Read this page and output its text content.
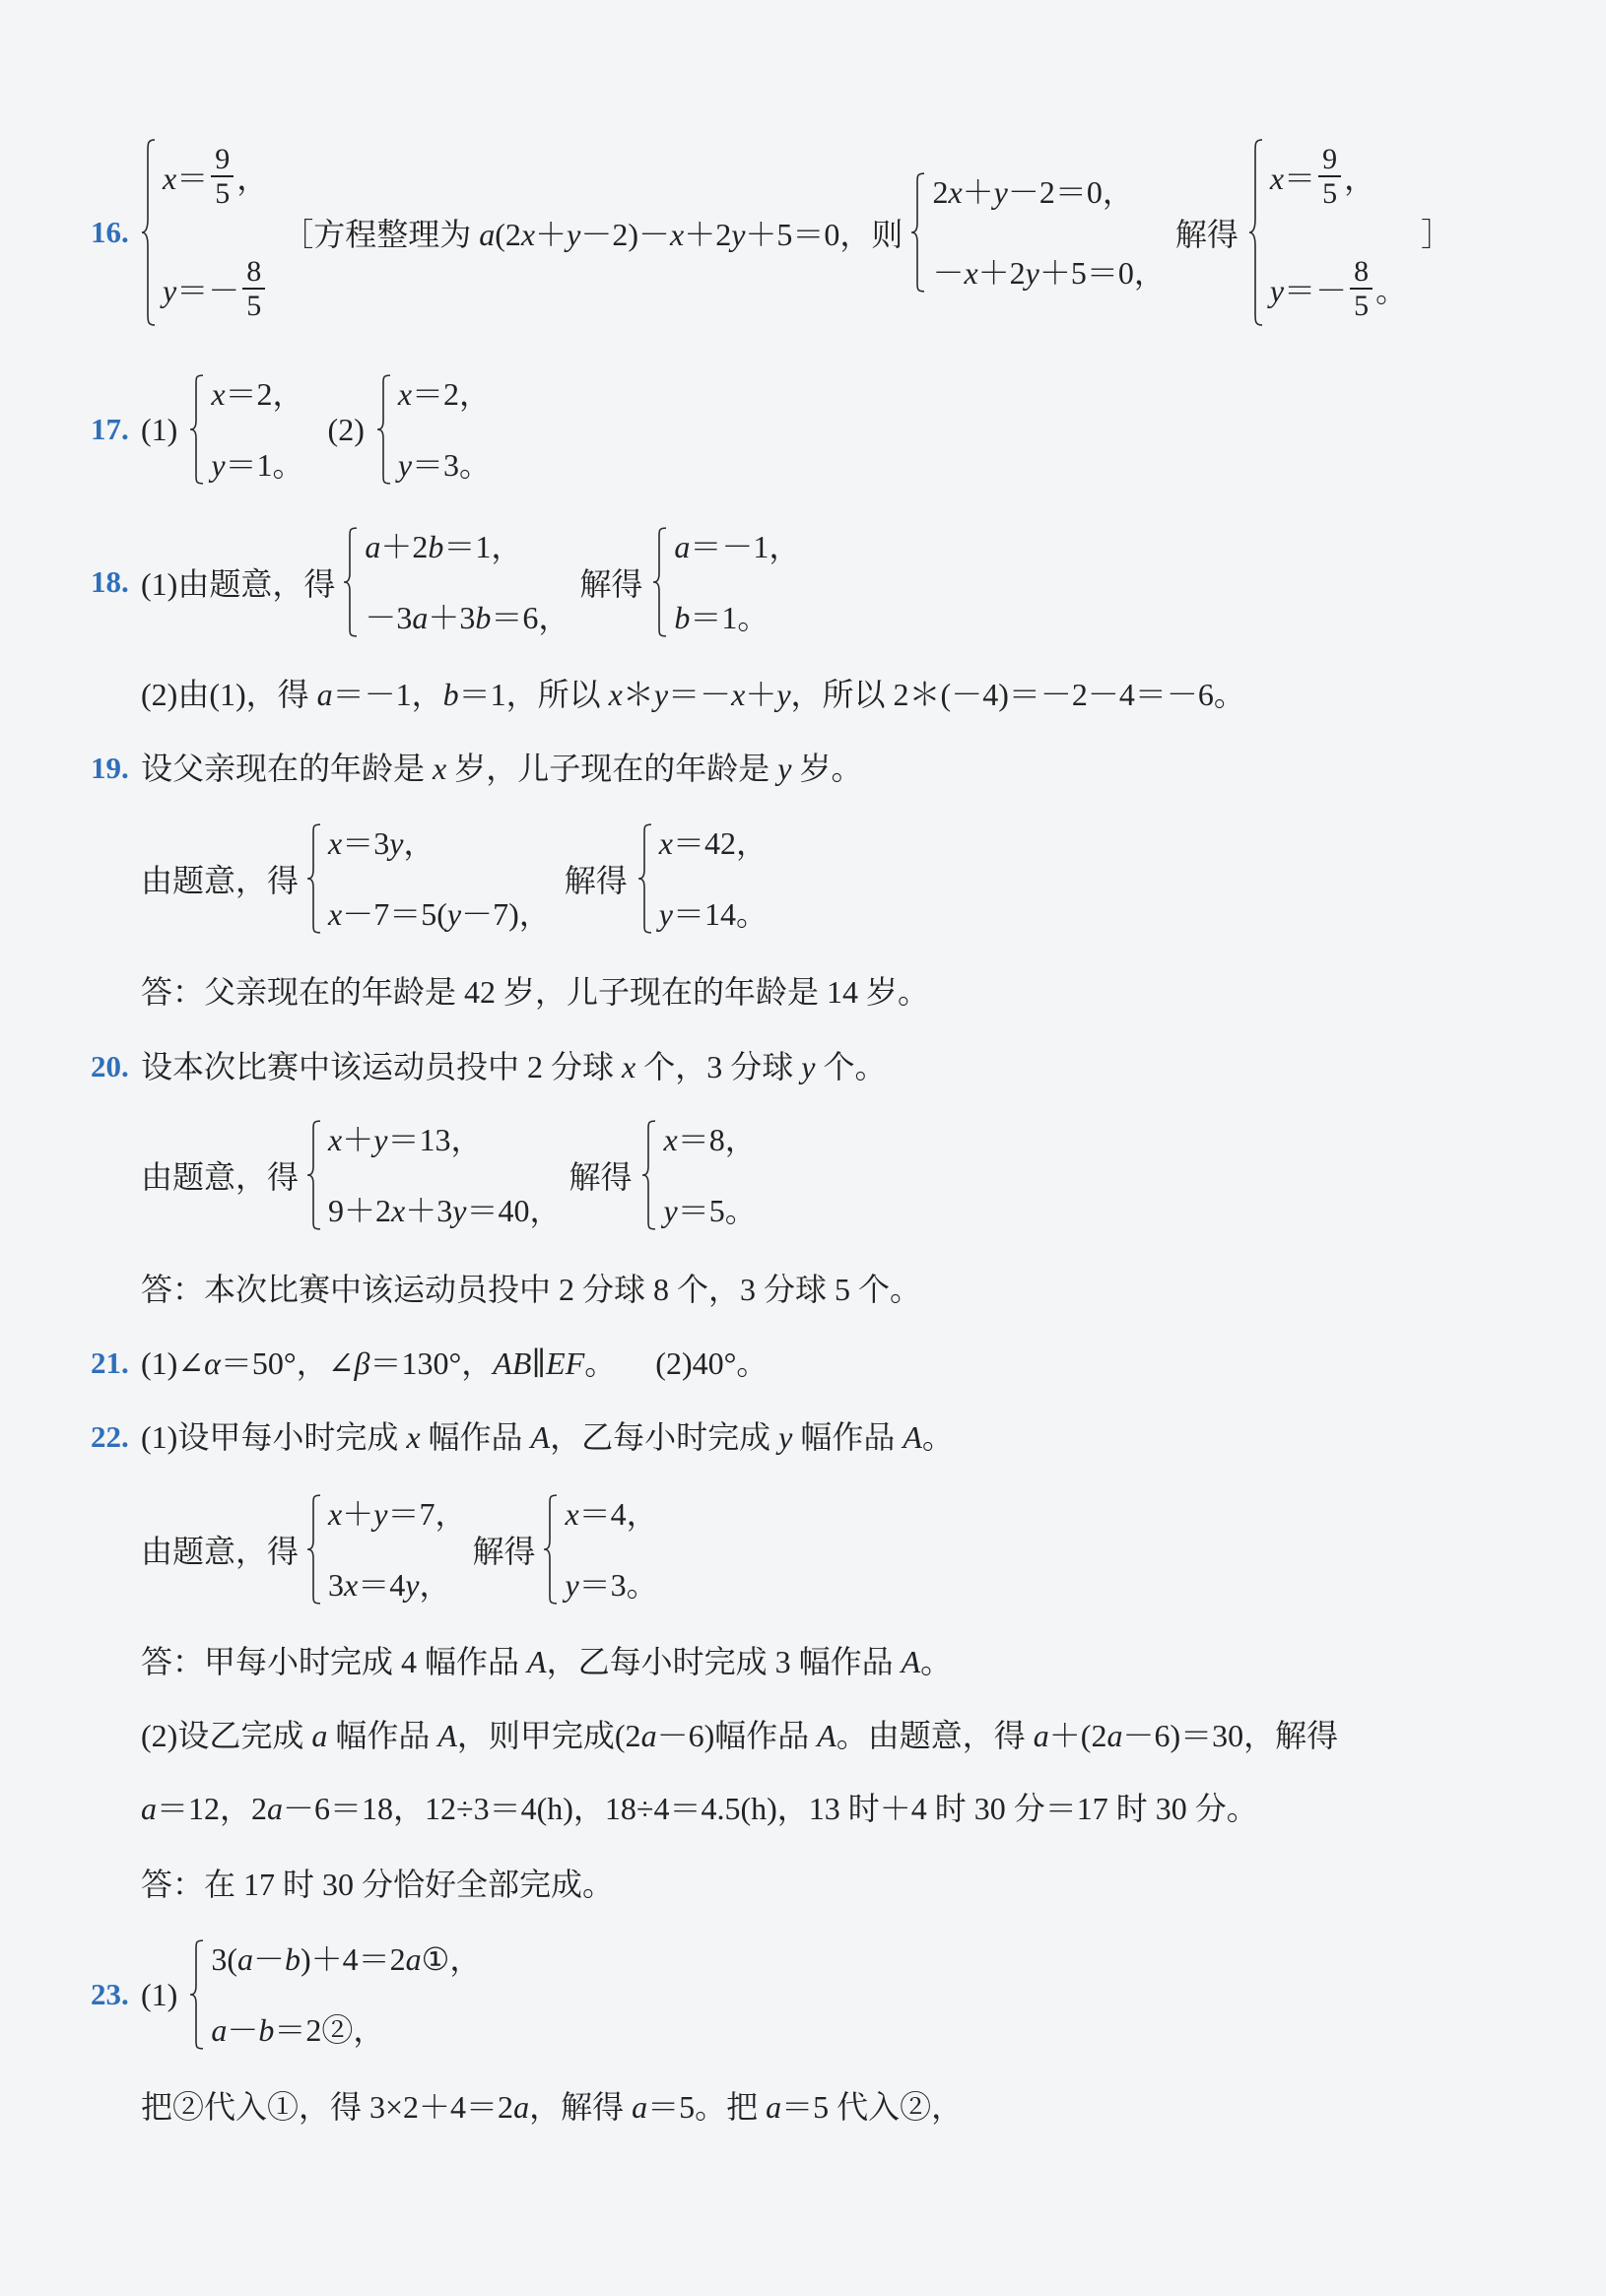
16.
$x= \frac{9}{5}$ ，
$y=- \frac{8}{5}$
［方程整理为 a(2x＋y－2)－x＋2y＋5＝0，则
2x＋y－2＝0，
－x＋2y＋5＝0，
解得
$x= \frac{9}{5}$ ，
$y=- \frac{8}{5}$ 。
］
17. (1)
x＝2，
y＝1。
(2)
x＝2，
y＝3。
18. (1)由题意，得
a＋2b＝1，
－3a＋3b＝6，
解得
a＝－1，
b＝1。
(2)由(1)，得 a＝－1，b＝1，所以 x＊y＝－x＋y，所以 2＊(－4)＝－2－4＝－6。
19. 设父亲现在的年龄是 x 岁，儿子现在的年龄是 y 岁。
由题意，得
x＝3y，
x－7＝5(y－7)，
解得
x＝42，
y＝14。
答：父亲现在的年龄是 42 岁，儿子现在的年龄是 14 岁。
20. 设本次比赛中该运动员投中 2 分球 x 个，3 分球 y 个。
由题意，得
x＋y＝13，
9＋2x＋3y＝40，
解得
x＝8，
y＝5。
答：本次比赛中该运动员投中 2 分球 8 个，3 分球 5 个。
21. (1)∠α＝50°，∠β＝130°，AB∥EF。 (2)40°。
22. (1)设甲每小时完成 x 幅作品 A，乙每小时完成 y 幅作品 A。
由题意，得
x＋y＝7，
3x＝4y，
解得
x＝4，
y＝3。
答：甲每小时完成 4 幅作品 A，乙每小时完成 3 幅作品 A。
(2)设乙完成 a 幅作品 A，则甲完成(2a－6)幅作品 A。由题意，得 a＋(2a－6)＝30，解得
a＝12，2a－6＝18，12÷3＝4(h)，18÷4＝4.5(h)，13 时＋4 时 30 分＝17 时 30 分。
答：在 17 时 30 分恰好全部完成。
23. (1)
3(a－b)＋4＝2a①，
a－b＝2②，
把②代入①，得 3×2＋4＝2a，解得 a＝5。把 a＝5 代入②，
